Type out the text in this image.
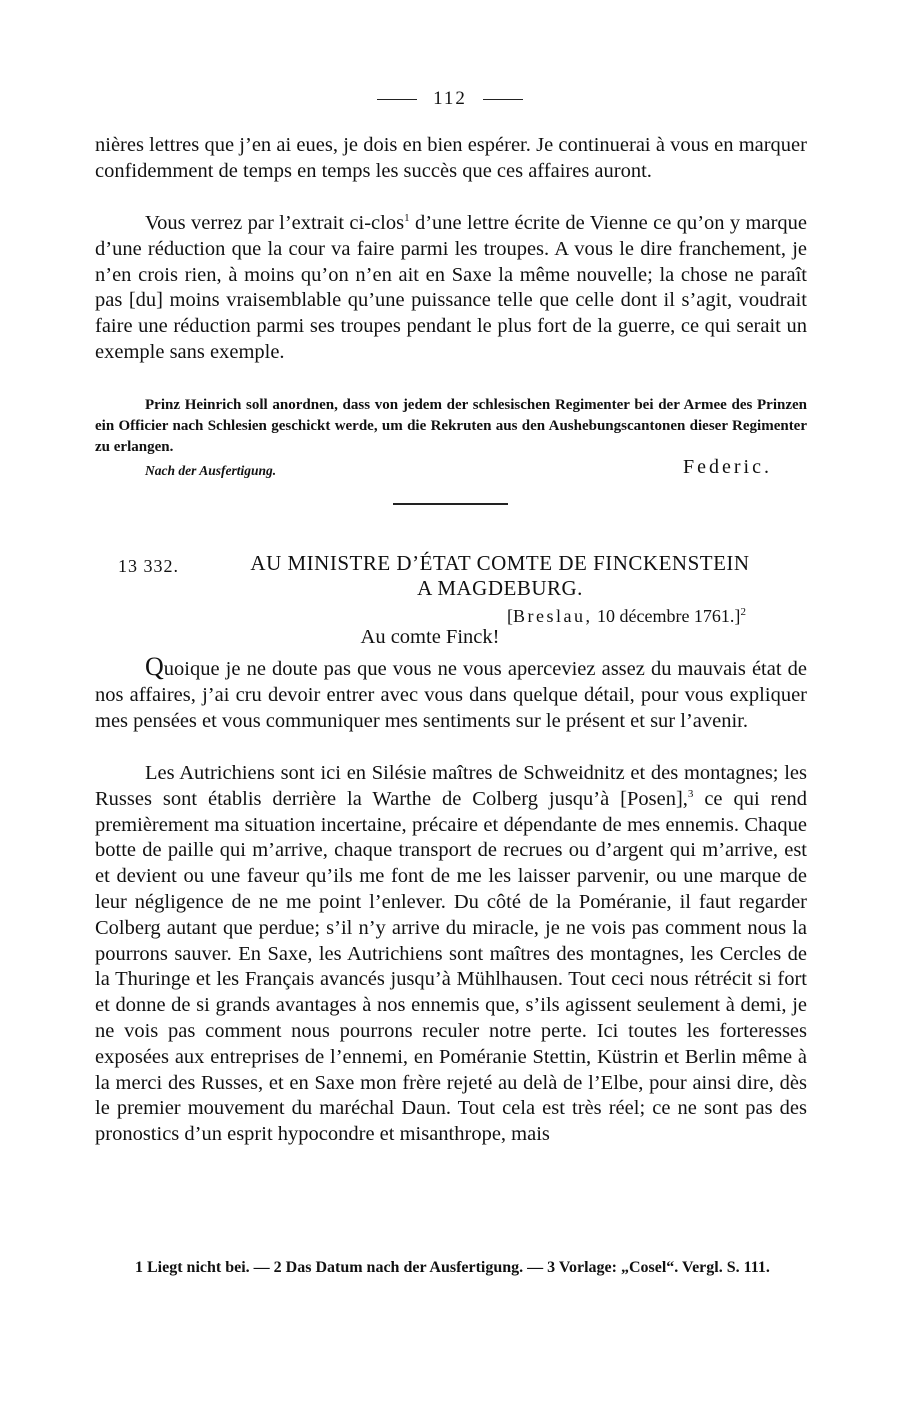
112

nières lettres que j’en ai eues, je dois en bien espérer. Je continuerai à vous en marquer confidemment de temps en temps les succès que ces affaires auront.

Vous verrez par l’extrait ci-clos$^1$ d’une lettre écrite de Vienne ce qu’on y marque d’une réduction que la cour va faire parmi les troupes. A vous le dire franchement, je n’en crois rien, à moins qu’on n’en ait en Saxe la même nouvelle; la chose ne paraît pas [du] moins vraisemblable qu’une puissance telle que celle dont il s’agit, voudrait faire une réduction parmi ses troupes pendant le plus fort de la guerre, ce qui serait un exemple sans exemple.

Prinz Heinrich soll anordnen, dass von jedem der schlesischen Regimenter bei der Armee des Prinzen ein Officier nach Schlesien geschickt werde, um die Rekruten aus den Aushebungscantonen dieser Regimenter zu erlangen.

Nach der Ausfertigung.	Federic.
13 332.	AU MINISTRE D’ÉTAT COMTE DE FINCKENSTEIN
A MAGDEBURG.
[Breslau, 10 décembre 1761.]$^2$
Au comte Finck!

Quoique je ne doute pas que vous ne vous aperceviez assez du mauvais état de nos affaires, j’ai cru devoir entrer avec vous dans quelque détail, pour vous expliquer mes pensées et vous communiquer mes sentiments sur le présent et sur l’avenir.

Les Autrichiens sont ici en Silésie maîtres de Schweidnitz et des montagnes; les Russes sont établis derrière la Warthe de Colberg jusqu’à [Posen],$^3$ ce qui rend premièrement ma situation incertaine, précaire et dépendante de mes ennemis. Chaque botte de paille qui m’arrive, chaque transport de recrues ou d’argent qui m’arrive, est et devient ou une faveur qu’ils me font de me les laisser parvenir, ou une marque de leur négligence de ne me point l’enlever. Du côté de la Poméranie, il faut regarder Colberg autant que perdue; s’il n’y arrive du miracle, je ne vois pas comment nous la pourrons sauver. En Saxe, les Autrichiens sont maîtres des montagnes, les Cercles de la Thuringe et les Français avancés jusqu’à Mühlhausen. Tout ceci nous rétrécit si fort et donne de si grands avantages à nos ennemis que, s’ils agissent seulement à demi, je ne vois pas comment nous pourrons reculer notre perte. Ici toutes les forteresses exposées aux entreprises de l’ennemi, en Poméranie Stettin, Küstrin et Berlin même à la merci des Russes, et en Saxe mon frère rejeté au delà de l’Elbe, pour ainsi dire, dès le premier mouvement du maréchal Daun. Tout cela est très réel; ce ne sont pas des pronostics d’un esprit hypocondre et misanthrope, mais

1 Liegt nicht bei. — 2 Das Datum nach der Ausfertigung. — 3 Vorlage: „Cosel“. Vergl. S. 111.
